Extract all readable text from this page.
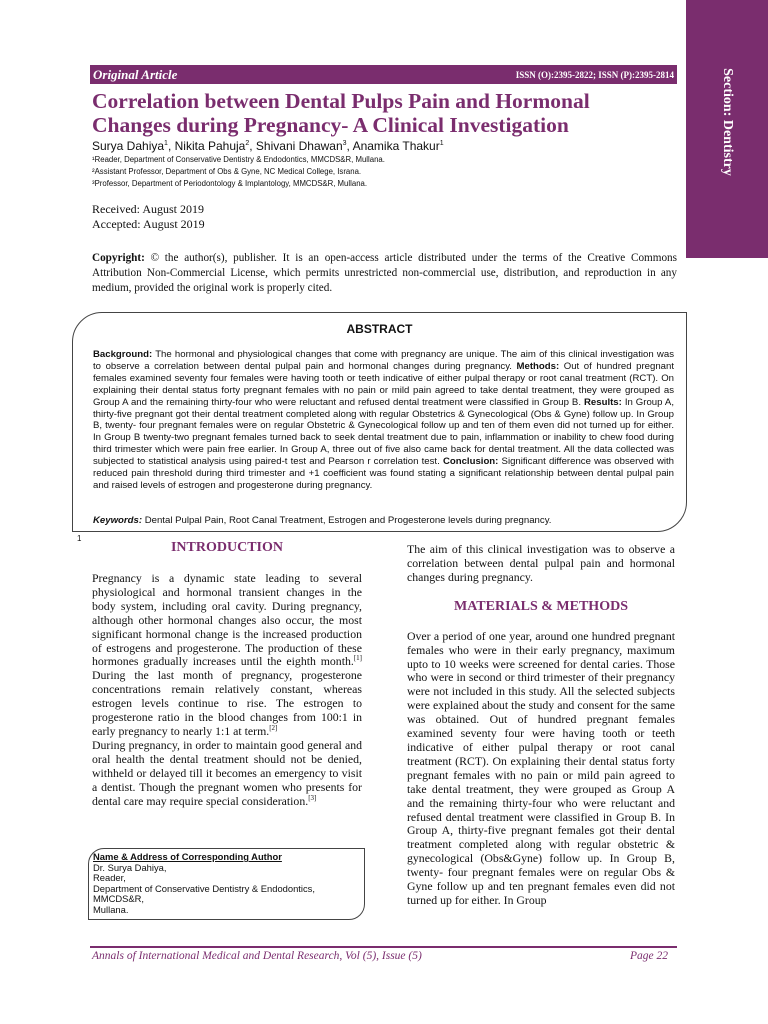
Section: Dentistry
Original Article	ISSN (O):2395-2822; ISSN (P):2395-2814
Correlation between Dental Pulps Pain and Hormonal
Changes during Pregnancy- A Clinical Investigation
Surya Dahiya$^1$, Nikita Pahuja$^2$, Shivani Dhawan$^3$, Anamika Thakur$^1$
¹Reader, Department of Conservative Dentistry & Endodontics, MMCDS&R, Mullana.
²Assistant Professor, Department of Obs & Gyne, NC Medical College, Israna.
³Professor, Department of Periodontology & Implantology, MMCDS&R, Mullana.
Received: August 2019
Accepted: August 2019
Copyright: © the author(s), publisher. It is an open-access article distributed under the terms of the Creative Commons Attribution Non-Commercial License, which permits unrestricted non-commercial use, distribution, and reproduction in any medium, provided the original work is properly cited.
ABSTRACT
Background: The hormonal and physiological changes that come with pregnancy are unique. The aim of this clinical investigation was to observe a correlation between dental pulpal pain and hormonal changes during pregnancy. Methods: Out of hundred pregnant females examined seventy four females were having tooth or teeth indicative of either pulpal therapy or root canal treatment (RCT). On explaining their dental status forty pregnant females with no pain or mild pain agreed to take dental treatment, they were grouped as Group A and the remaining thirty-four who were reluctant and refused dental treatment were classified in Group B. Results: In Group A, thirty-five pregnant got their dental treatment completed along with regular Obstetrics & Gynecological (Obs & Gyne) follow up. In Group B, twenty- four pregnant females were on regular Obstetric & Gynecological follow up and ten of them even did not turned up for either. In Group B twenty-two pregnant females turned back to seek dental treatment due to pain, inflammation or inability to chew food during third trimester which were pain free earlier. In Group A, three out of five also came back for dental treatment. All the data collected was subjected to statistical analysis using paired-t test and Pearson r correlation test. Conclusion: Significant difference was observed with reduced pain threshold during third trimester and +1 coefficient was found stating a significant relationship between dental pulpal pain and raised levels of estrogen and progesterone during pregnancy.
Keywords: Dental Pulpal Pain, Root Canal Treatment, Estrogen and Progesterone levels during pregnancy.
1
INTRODUCTION

Pregnancy is a dynamic state leading to several physiological and hormonal transient changes in the body system, including oral cavity. During pregnancy, although other hormonal changes also occur, the most significant hormonal change is the increased production of estrogens and progesterone. The production of these hormones gradually increases until the eighth month.[1] During the last month of pregnancy, progesterone concentrations remain relatively constant, whereas estrogen levels continue to rise. The estrogen to progesterone ratio in the blood changes from 100:1 in early pregnancy to nearly 1:1 at term.[2]

During pregnancy, in order to maintain good general and oral health the dental treatment should not be denied, withheld or delayed till it becomes an emergency to visit a dentist. Though the pregnant women who presents for dental care may require special consideration.[3]

Name & Address of Corresponding Author
Dr. Surya Dahiya,
Reader,
Department of Conservative Dentistry & Endodontics,
MMCDS&R,
Mullana.

The aim of this clinical investigation was to observe a correlation between dental pulpal pain and hormonal changes during pregnancy.

MATERIALS & METHODS

Over a period of one year, around one hundred pregnant females who were in their early pregnancy, maximum upto to 10 weeks were screened for dental caries. Those who were in second or third trimester of their pregnancy were not included in this study. All the selected subjects were explained about the study and consent for the same was obtained. Out of hundred pregnant females examined seventy four were having tooth or teeth indicative of either pulpal therapy or root canal treatment (RCT). On explaining their dental status forty pregnant females with no pain or mild pain agreed to take dental treatment, they were grouped as Group A and the remaining thirty-four who were reluctant and refused dental treatment were classified in Group B. In Group A, thirty-five pregnant females got their dental treatment completed along with regular obstetric & gynecological (Obs&Gyne) follow up. In Group B, twenty- four pregnant females were on regular Obs & Gyne follow up and ten pregnant females even did not turned up for either. In Group

Annals of International Medical and Dental Research, Vol (5), Issue (5)	Page 22
